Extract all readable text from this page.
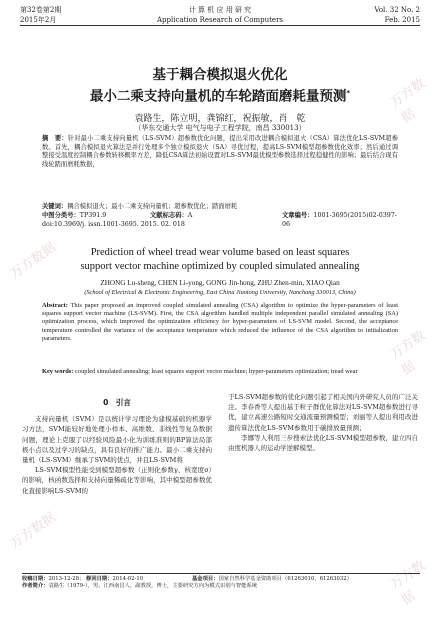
万方数据
万方数据
万方数据
万方数据
万方数据
第32卷第2期
2015年2月
计 算 机 应 用 研 究
Application Research of Computers
Vol. 32 No. 2
Feb. 2015
基于耦合模拟退火优化
最小二乘支持向量机的车轮踏面磨耗量预测*
袁路生，陈立明，龚锦红，祝振敏，肖　乾
（华东交通大学 电气与电子工程学院，南昌 330013）
摘　要：针对最小二乘支持向量机（LS-SVM）超参数优化问题，提出采用改进耦合模拟退火（CSA）算法优化LS-SVM超参数。首先，耦合模拟退火算法是并行处理多个独立模拟退火（SA）寻优过程，提高LS-SVM模型超参数优化效率；然后通过调整接受温度控制耦合参数转移概率方差，降低CSA算法初始设置对LS-SVM最优模型参数选择过程稳健性的影响；最后结合现有线轮踏面磨耗数据，
关键词：耦合模拟退火；最小二乘支持向量机；超参数优化；踏面磨耗
中图分类号：TP391.9	文献标志码：A	文章编号：1001-3695(2015)02-0397-06
doi:10.3969/j. issn.1001-3695. 2015. 02. 018
Prediction of wheel tread wear volume based on least squares
support vector machine optimized by coupled simulated annealing
ZHONG Lu-sheng, CHEN Li-yong, GONG Jin-hong, ZHU Zhen-min, XIAO Qian
(School of Electrical & Electronic Engineering, East China Jiaotong University, Nanchang 330013, China)
Abstract: This paper proposed an improved coupled simulated annealing (CSA) algorithm to optimize the hyper-parameters of least squares support vector machine (LS-SVM). First, the CSA algorithm handled multiple independent parallel simulated annealing (SA) optimization process, which improved the optimization efficiency for hyper-parameters of LS-SVM model. Second, the acceptance temperature controlled the variance of the acceptance temperature which reduced the influence of the CSA algorithm to initialization parameters.
Key words: coupled simulated annealing; least squares support vector machine; hyper-parameters optimization; tread wear
0　引言

支持向量机（SVM）是以统计学习理论为建模基础的机器学习方法，SVM能较好地处理小样本、高维数、非线性等复杂数据问题，理论上克服了以经验风险最小化为训练准则的BP算法局部极小点以及过学习的缺点，具有良好的推广能力。最小二乘支持向量机（LS-SVM）继承了SVM的优点，并且LS-SVM将

LS-SVM模型性能受到模型超参数（正则化参数γ、核宽度σ）的影响，核函数选择和支持向量稀疏化等影响，其中模型超参数优化直接影响LS-SVM的

于LS-SVM超参数的优化问题引起了相关国内外研究人员的广泛关注。李春香等人提出基于粒子群优化算法对LS-SVM超参数进行寻优，建立高速公路短时交通流量预测模型；刘丽等人提出利用改进遗传算法优化LS-SVM参数用于碳排放量预测；

李娜等人利用三步搜索法优化LS-SVM模型超参数，建立四自由度机器人的运动学逆解模型。

收稿日期：2013-12-28； 修回日期：2014-02-10	基金项目：国家自然科学基金资助项目（61263010，61263032）
作者简介：袁路生（1979-），男，江西南昌人，副教授，博士，主要研究方向为模式识别与智能系统
